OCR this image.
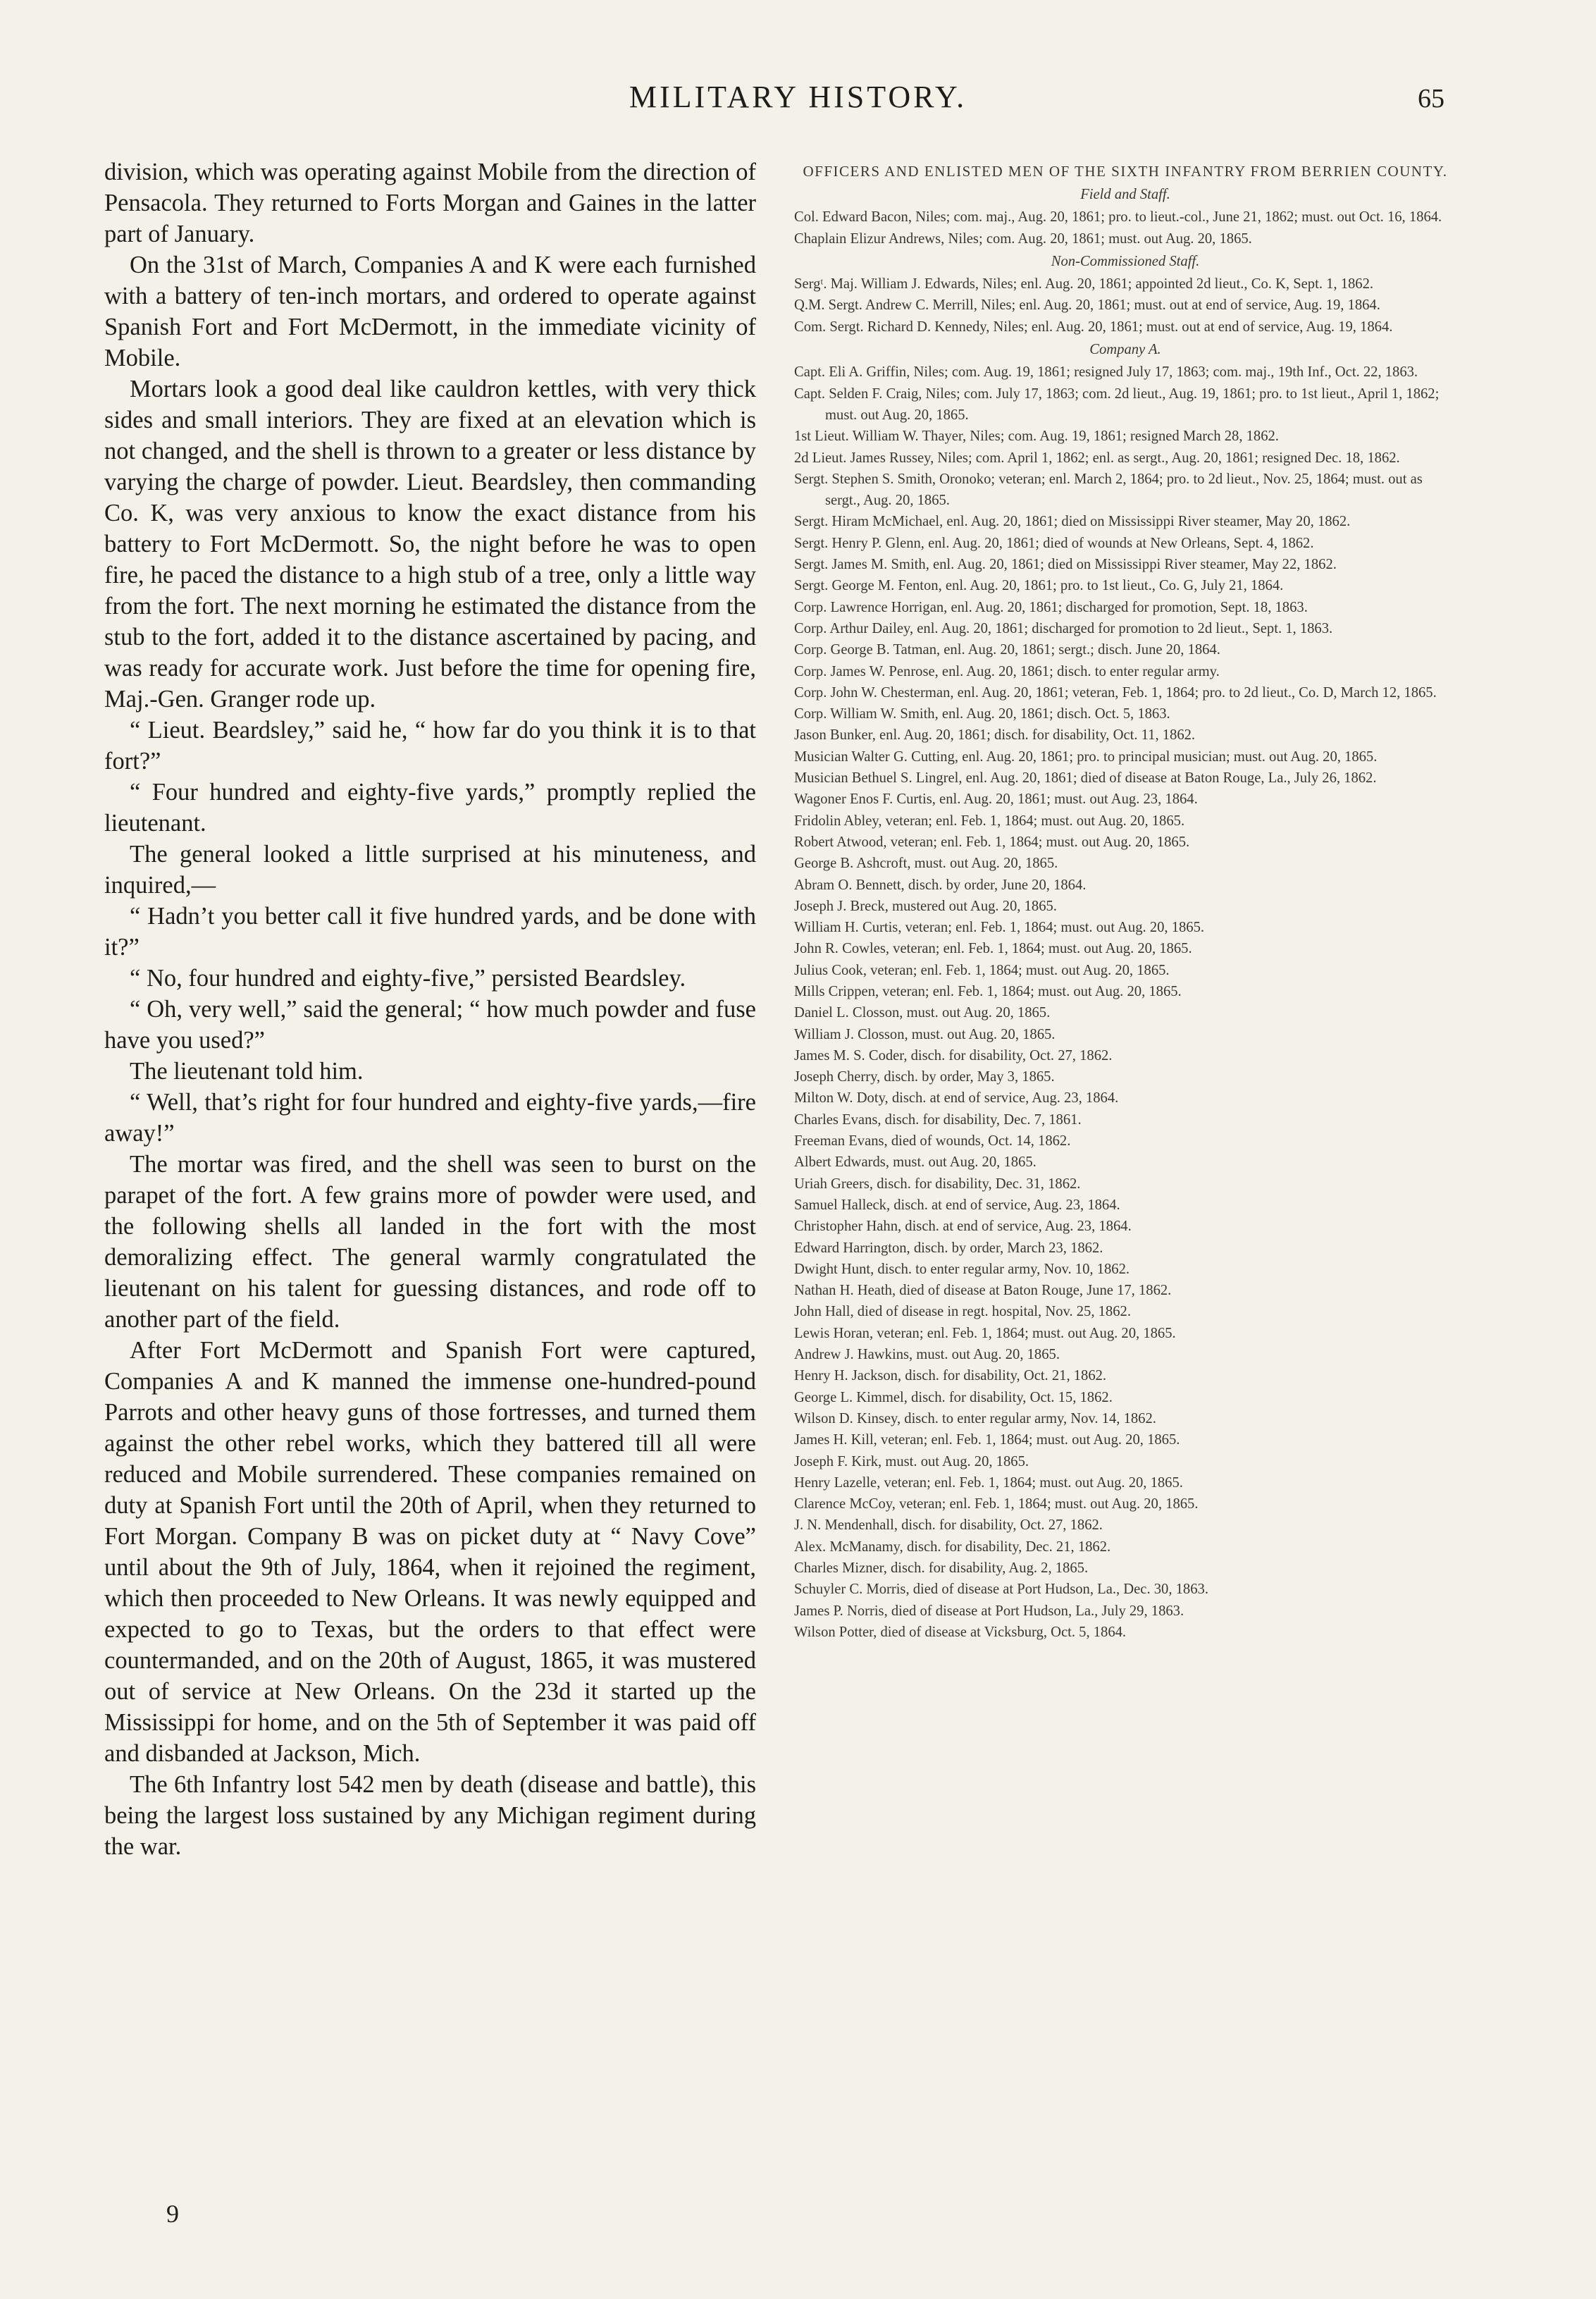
MILITARY HISTORY.	65

division, which was operating against Mobile from the direction of Pensacola. They returned to Forts Morgan and Gaines in the latter part of January.

On the 31st of March, Companies A and K were each furnished with a battery of ten-inch mortars, and ordered to operate against Spanish Fort and Fort McDermott, in the immediate vicinity of Mobile.

Mortars look a good deal like cauldron kettles, with very thick sides and small interiors. They are fixed at an elevation which is not changed, and the shell is thrown to a greater or less distance by varying the charge of powder. Lieut. Beardsley, then commanding Co. K, was very anxious to know the exact distance from his battery to Fort McDermott. So, the night before he was to open fire, he paced the distance to a high stub of a tree, only a little way from the fort. The next morning he estimated the distance from the stub to the fort, added it to the distance ascertained by pacing, and was ready for accurate work. Just before the time for opening fire, Maj.-Gen. Granger rode up.

“ Lieut. Beardsley,” said he, “ how far do you think it is to that fort?”

“ Four hundred and eighty-five yards,” promptly replied the lieutenant.

The general looked a little surprised at his minuteness, and inquired,—

“ Hadn’t you better call it five hundred yards, and be done with it?”

“ No, four hundred and eighty-five,” persisted Beardsley.

“ Oh, very well,” said the general; “ how much powder and fuse have you used?”

The lieutenant told him.

“ Well, that’s right for four hundred and eighty-five yards,—fire away!”

The mortar was fired, and the shell was seen to burst on the parapet of the fort. A few grains more of powder were used, and the following shells all landed in the fort with the most demoralizing effect. The general warmly congratulated the lieutenant on his talent for guessing distances, and rode off to another part of the field.

After Fort McDermott and Spanish Fort were captured, Companies A and K manned the immense one-hundred-pound Parrots and other heavy guns of those fortresses, and turned them against the other rebel works, which they battered till all were reduced and Mobile surrendered. These companies remained on duty at Spanish Fort until the 20th of April, when they returned to Fort Morgan. Company B was on picket duty at “ Navy Cove” until about the 9th of July, 1864, when it rejoined the regiment, which then proceeded to New Orleans. It was newly equipped and expected to go to Texas, but the orders to that effect were countermanded, and on the 20th of August, 1865, it was mustered out of service at New Orleans. On the 23d it started up the Mississippi for home, and on the 5th of September it was paid off and disbanded at Jackson, Mich.

The 6th Infantry lost 542 men by death (disease and battle), this being the largest loss sustained by any Michigan regiment during the war.

9

OFFICERS AND ENLISTED MEN OF THE SIXTH INFANTRY FROM BERRIEN COUNTY.

Field and Staff.

Col. Edward Bacon, Niles; com. maj., Aug. 20, 1861; pro. to lieut.-col., June 21, 1862; must. out Oct. 16, 1864.

Chaplain Elizur Andrews, Niles; com. Aug. 20, 1861; must. out Aug. 20, 1865.

Non-Commissioned Staff.

Sergᵗ. Maj. William J. Edwards, Niles; enl. Aug. 20, 1861; appointed 2d lieut., Co. K, Sept. 1, 1862.

Q.M. Sergt. Andrew C. Merrill, Niles; enl. Aug. 20, 1861; must. out at end of service, Aug. 19, 1864.

Com. Sergt. Richard D. Kennedy, Niles; enl. Aug. 20, 1861; must. out at end of service, Aug. 19, 1864.

Company A.

Capt. Eli A. Griffin, Niles; com. Aug. 19, 1861; resigned July 17, 1863; com. maj., 19th Inf., Oct. 22, 1863.

Capt. Selden F. Craig, Niles; com. July 17, 1863; com. 2d lieut., Aug. 19, 1861; pro. to 1st lieut., April 1, 1862; must. out Aug. 20, 1865.

1st Lieut. William W. Thayer, Niles; com. Aug. 19, 1861; resigned March 28, 1862.

2d Lieut. James Russey, Niles; com. April 1, 1862; enl. as sergt., Aug. 20, 1861; resigned Dec. 18, 1862.

Sergt. Stephen S. Smith, Oronoko; veteran; enl. March 2, 1864; pro. to 2d lieut., Nov. 25, 1864; must. out as sergt., Aug. 20, 1865.

Sergt. Hiram McMichael, enl. Aug. 20, 1861; died on Mississippi River steamer, May 20, 1862.

Sergt. Henry P. Glenn, enl. Aug. 20, 1861; died of wounds at New Orleans, Sept. 4, 1862.

Sergt. James M. Smith, enl. Aug. 20, 1861; died on Mississippi River steamer, May 22, 1862.

Sergt. George M. Fenton, enl. Aug. 20, 1861; pro. to 1st lieut., Co. G, July 21, 1864.

Corp. Lawrence Horrigan, enl. Aug. 20, 1861; discharged for promotion, Sept. 18, 1863.

Corp. Arthur Dailey, enl. Aug. 20, 1861; discharged for promotion to 2d lieut., Sept. 1, 1863.

Corp. George B. Tatman, enl. Aug. 20, 1861; sergt.; disch. June 20, 1864.

Corp. James W. Penrose, enl. Aug. 20, 1861; disch. to enter regular army.

Corp. John W. Chesterman, enl. Aug. 20, 1861; veteran, Feb. 1, 1864; pro. to 2d lieut., Co. D, March 12, 1865.

Corp. William W. Smith, enl. Aug. 20, 1861; disch. Oct. 5, 1863.

Jason Bunker, enl. Aug. 20, 1861; disch. for disability, Oct. 11, 1862.

Musician Walter G. Cutting, enl. Aug. 20, 1861; pro. to principal musician; must. out Aug. 20, 1865.

Musician Bethuel S. Lingrel, enl. Aug. 20, 1861; died of disease at Baton Rouge, La., July 26, 1862.

Wagoner Enos F. Curtis, enl. Aug. 20, 1861; must. out Aug. 23, 1864.

Fridolin Abley, veteran; enl. Feb. 1, 1864; must. out Aug. 20, 1865.

Robert Atwood, veteran; enl. Feb. 1, 1864; must. out Aug. 20, 1865.

George B. Ashcroft, must. out Aug. 20, 1865.

Abram O. Bennett, disch. by order, June 20, 1864.

Joseph J. Breck, mustered out Aug. 20, 1865.

William H. Curtis, veteran; enl. Feb. 1, 1864; must. out Aug. 20, 1865.

John R. Cowles, veteran; enl. Feb. 1, 1864; must. out Aug. 20, 1865.

Julius Cook, veteran; enl. Feb. 1, 1864; must. out Aug. 20, 1865.

Mills Crippen, veteran; enl. Feb. 1, 1864; must. out Aug. 20, 1865.

Daniel L. Closson, must. out Aug. 20, 1865.

William J. Closson, must. out Aug. 20, 1865.

James M. S. Coder, disch. for disability, Oct. 27, 1862.

Joseph Cherry, disch. by order, May 3, 1865.

Milton W. Doty, disch. at end of service, Aug. 23, 1864.

Charles Evans, disch. for disability, Dec. 7, 1861.

Freeman Evans, died of wounds, Oct. 14, 1862.

Albert Edwards, must. out Aug. 20, 1865.

Uriah Greers, disch. for disability, Dec. 31, 1862.

Samuel Halleck, disch. at end of service, Aug. 23, 1864.

Christopher Hahn, disch. at end of service, Aug. 23, 1864.

Edward Harrington, disch. by order, March 23, 1862.

Dwight Hunt, disch. to enter regular army, Nov. 10, 1862.

Nathan H. Heath, died of disease at Baton Rouge, June 17, 1862.

John Hall, died of disease in regt. hospital, Nov. 25, 1862.

Lewis Horan, veteran; enl. Feb. 1, 1864; must. out Aug. 20, 1865.

Andrew J. Hawkins, must. out Aug. 20, 1865.

Henry H. Jackson, disch. for disability, Oct. 21, 1862.

George L. Kimmel, disch. for disability, Oct. 15, 1862.

Wilson D. Kinsey, disch. to enter regular army, Nov. 14, 1862.

James H. Kill, veteran; enl. Feb. 1, 1864; must. out Aug. 20, 1865.

Joseph F. Kirk, must. out Aug. 20, 1865.

Henry Lazelle, veteran; enl. Feb. 1, 1864; must. out Aug. 20, 1865.

Clarence McCoy, veteran; enl. Feb. 1, 1864; must. out Aug. 20, 1865.

J. N. Mendenhall, disch. for disability, Oct. 27, 1862.

Alex. McManamy, disch. for disability, Dec. 21, 1862.

Charles Mizner, disch. for disability, Aug. 2, 1865.

Schuyler C. Morris, died of disease at Port Hudson, La., Dec. 30, 1863.

James P. Norris, died of disease at Port Hudson, La., July 29, 1863.

Wilson Potter, died of disease at Vicksburg, Oct. 5, 1864.
